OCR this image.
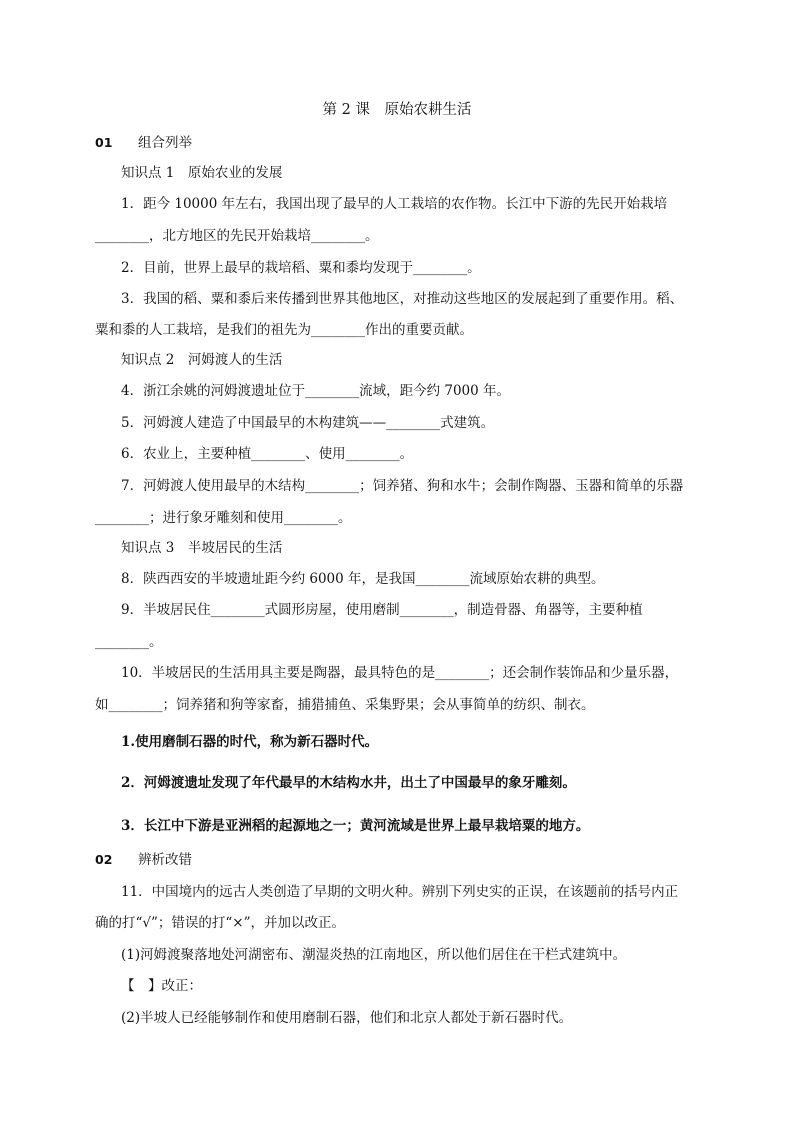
第 2 课　原始农耕生活
01 组合列举
知识点 1　原始农业的发展
1．距今 10000 年左右，我国出现了最早的人工栽培的农作物。长江中下游的先民开始栽培
________，北方地区的先民开始栽培________。
2．目前，世界上最早的栽培稻、粟和黍均发现于________。
3．我国的稻、粟和黍后来传播到世界其他地区，对推动这些地区的发展起到了重要作用。稻、
粟和黍的人工栽培，是我们的祖先为________作出的重要贡献。
知识点 2　河姆渡人的生活
4．浙江余姚的河姆渡遗址位于________流域，距今约 7000 年。
5．河姆渡人建造了中国最早的木构建筑——________式建筑。
6．农业上，主要种植________、使用________。
7．河姆渡人使用最早的木结构________；饲养猪、狗和水牛；会制作陶器、玉器和简单的乐器
________；进行象牙雕刻和使用________。
知识点 3　半坡居民的生活
8．陕西西安的半坡遗址距今约 6000 年，是我国________流域原始农耕的典型。
9．半坡居民住________式圆形房屋，使用磨制________，制造骨器、角器等，主要种植
________。
10．半坡居民的生活用具主要是陶器，最具特色的是________；还会制作装饰品和少量乐器，
如________；饲养猪和狗等家畜，捕猎捕鱼、采集野果；会从事简单的纺织、制衣。
1.使用磨制石器的时代，称为新石器时代。
2．河姆渡遗址发现了年代最早的木结构水井，出土了中国最早的象牙雕刻。
3．长江中下游是亚洲稻的起源地之一；黄河流域是世界上最早栽培粟的地方。
02 辨析改错
11．中国境内的远古人类创造了早期的文明火种。辨别下列史实的正误，在该题前的括号内正
确的打“√”；错误的打“×”，并加以改正。
(1)河姆渡聚落地处河湖密布、潮湿炎热的江南地区，所以他们居住在干栏式建筑中。
【　】改正：
(2)半坡人已经能够制作和使用磨制石器，他们和北京人都处于新石器时代。
